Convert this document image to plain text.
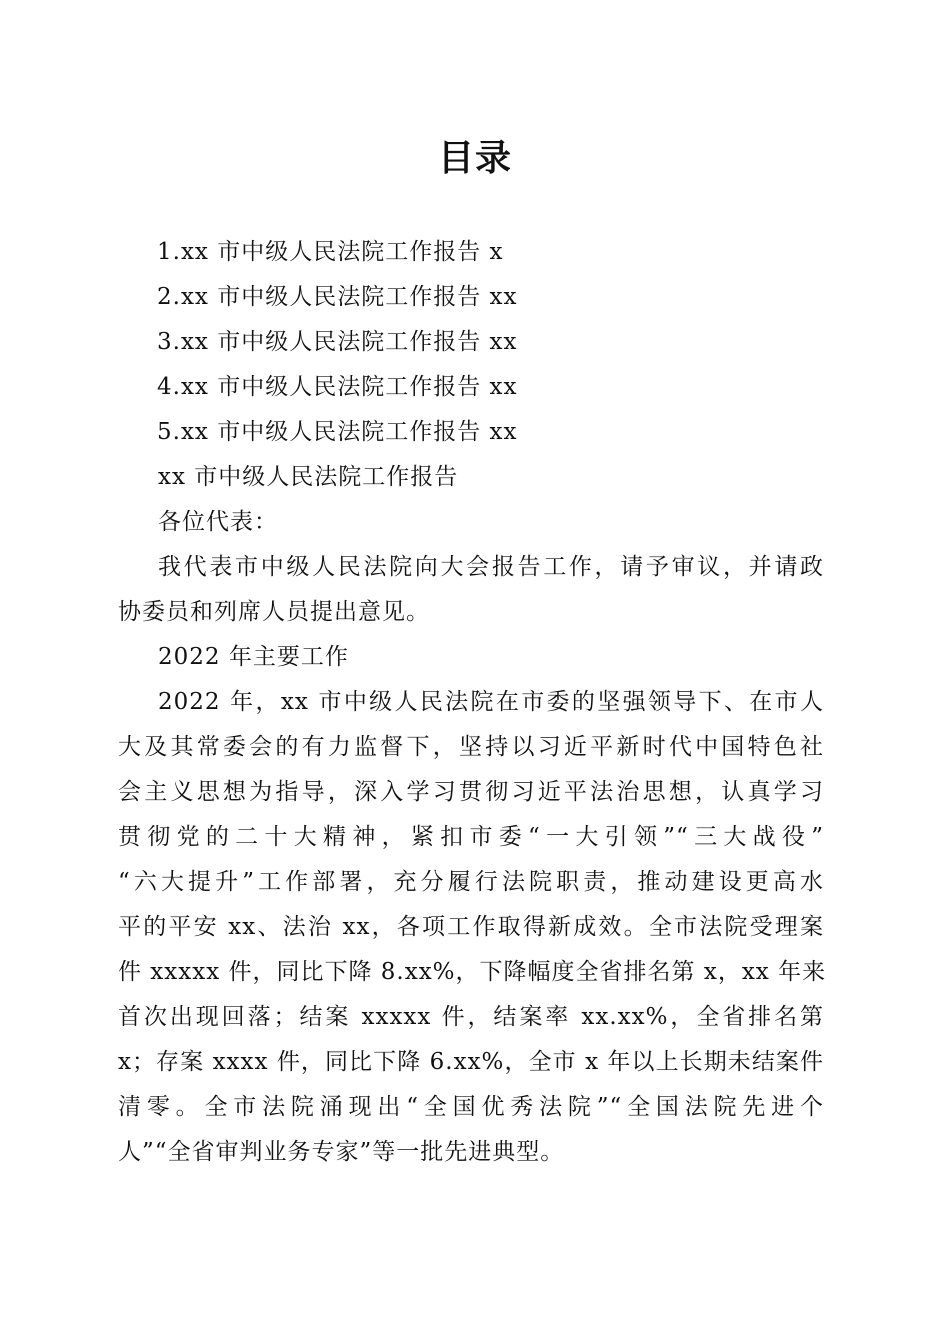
目录
1.xx 市中级人民法院工作报告 x
2.xx 市中级人民法院工作报告 xx
3.xx 市中级人民法院工作报告 xx
4.xx 市中级人民法院工作报告 xx
5.xx 市中级人民法院工作报告 xx
xx 市中级人民法院工作报告
各位代表：
我代表市中级人民法院向大会报告工作，请予审议，并请政
协委员和列席人员提出意见。
2022 年主要工作
2022 年，xx 市中级人民法院在市委的坚强领导下、在市人
大及其常委会的有力监督下，坚持以习近平新时代中国特色社
会主义思想为指导，深入学习贯彻习近平法治思想，认真学习
贯彻党的二十大精神，紧扣市委“一大引领”“三大战役”
“六大提升”工作部署，充分履行法院职责，推动建设更高水
平的平安 xx、法治 xx，各项工作取得新成效。全市法院受理案
件 xxxxx 件，同比下降 8.xx%，下降幅度全省排名第 x，xx 年来
首次出现回落；结案 xxxxx 件，结案率 xx.xx%，全省排名第
x；存案 xxxx 件，同比下降 6.xx%，全市 x 年以上长期未结案件
清零。全市法院涌现出“全国优秀法院”“全国法院先进个
人”“全省审判业务专家”等一批先进典型。
